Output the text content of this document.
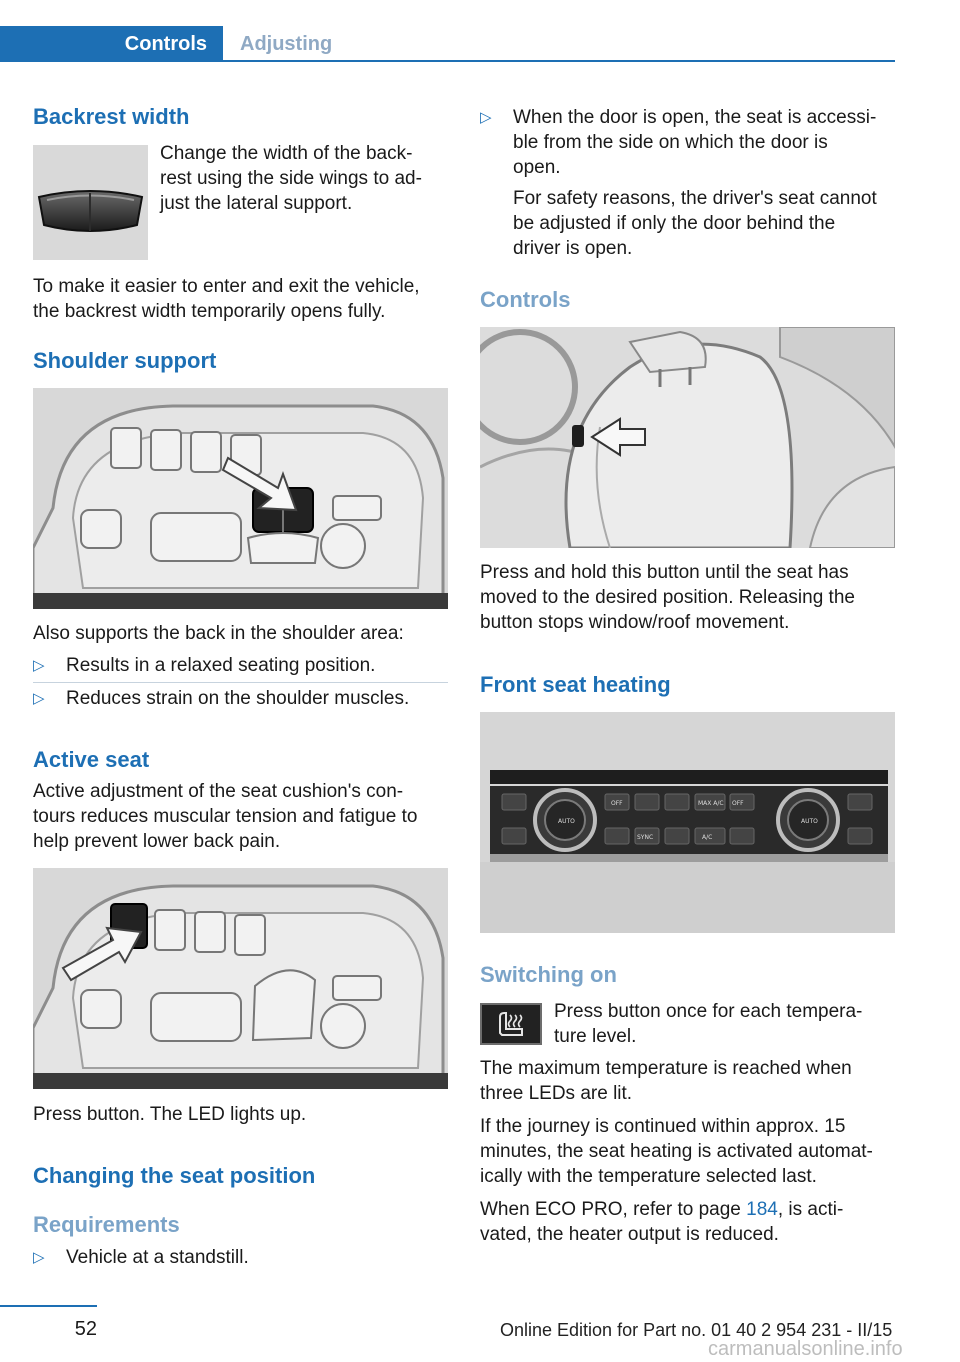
Controls	Adjusting
Backrest width
Change the width of the back-
rest using the side wings to ad-
just the lateral support.
To make it easier to enter and exit the vehicle,
the backrest width temporarily opens fully.
Shoulder support

Also supports the back in the shoulder area:

▷	Results in a relaxed seating position.
▷	Reduces strain on the shoulder muscles.
Active seat
Active adjustment of the seat cushion's con-
tours reduces muscular tension and fatigue to
help prevent lower back pain.

Press button. The LED lights up.

Changing the seat position
Requirements
▷	Vehicle at a standstill.
▷	When the door is open, the seat is accessi-
ble from the side on which the door is
open.
For safety reasons, the driver's seat cannot
be adjusted if only the door behind the
driver is open.
Controls
Press and hold this button until the seat has
moved to the desired position. Releasing the
button stops window/roof movement.
Front seat heating
AUTO
OFF	MAX A/C OFF
SYNC	A/C
AUTO
Switching on
Press button once for each tempera-
ture level.
The maximum temperature is reached when
three LEDs are lit.
If the journey is continued within approx. 15
minutes, the seat heating is activated automat-
ically with the temperature selected last.
When ECO PRO, refer to page 184, is acti-
vated, the heater output is reduced.
52	Online Edition for Part no. 01 40 2 954 231 - II/15
carmanualsonline.info
